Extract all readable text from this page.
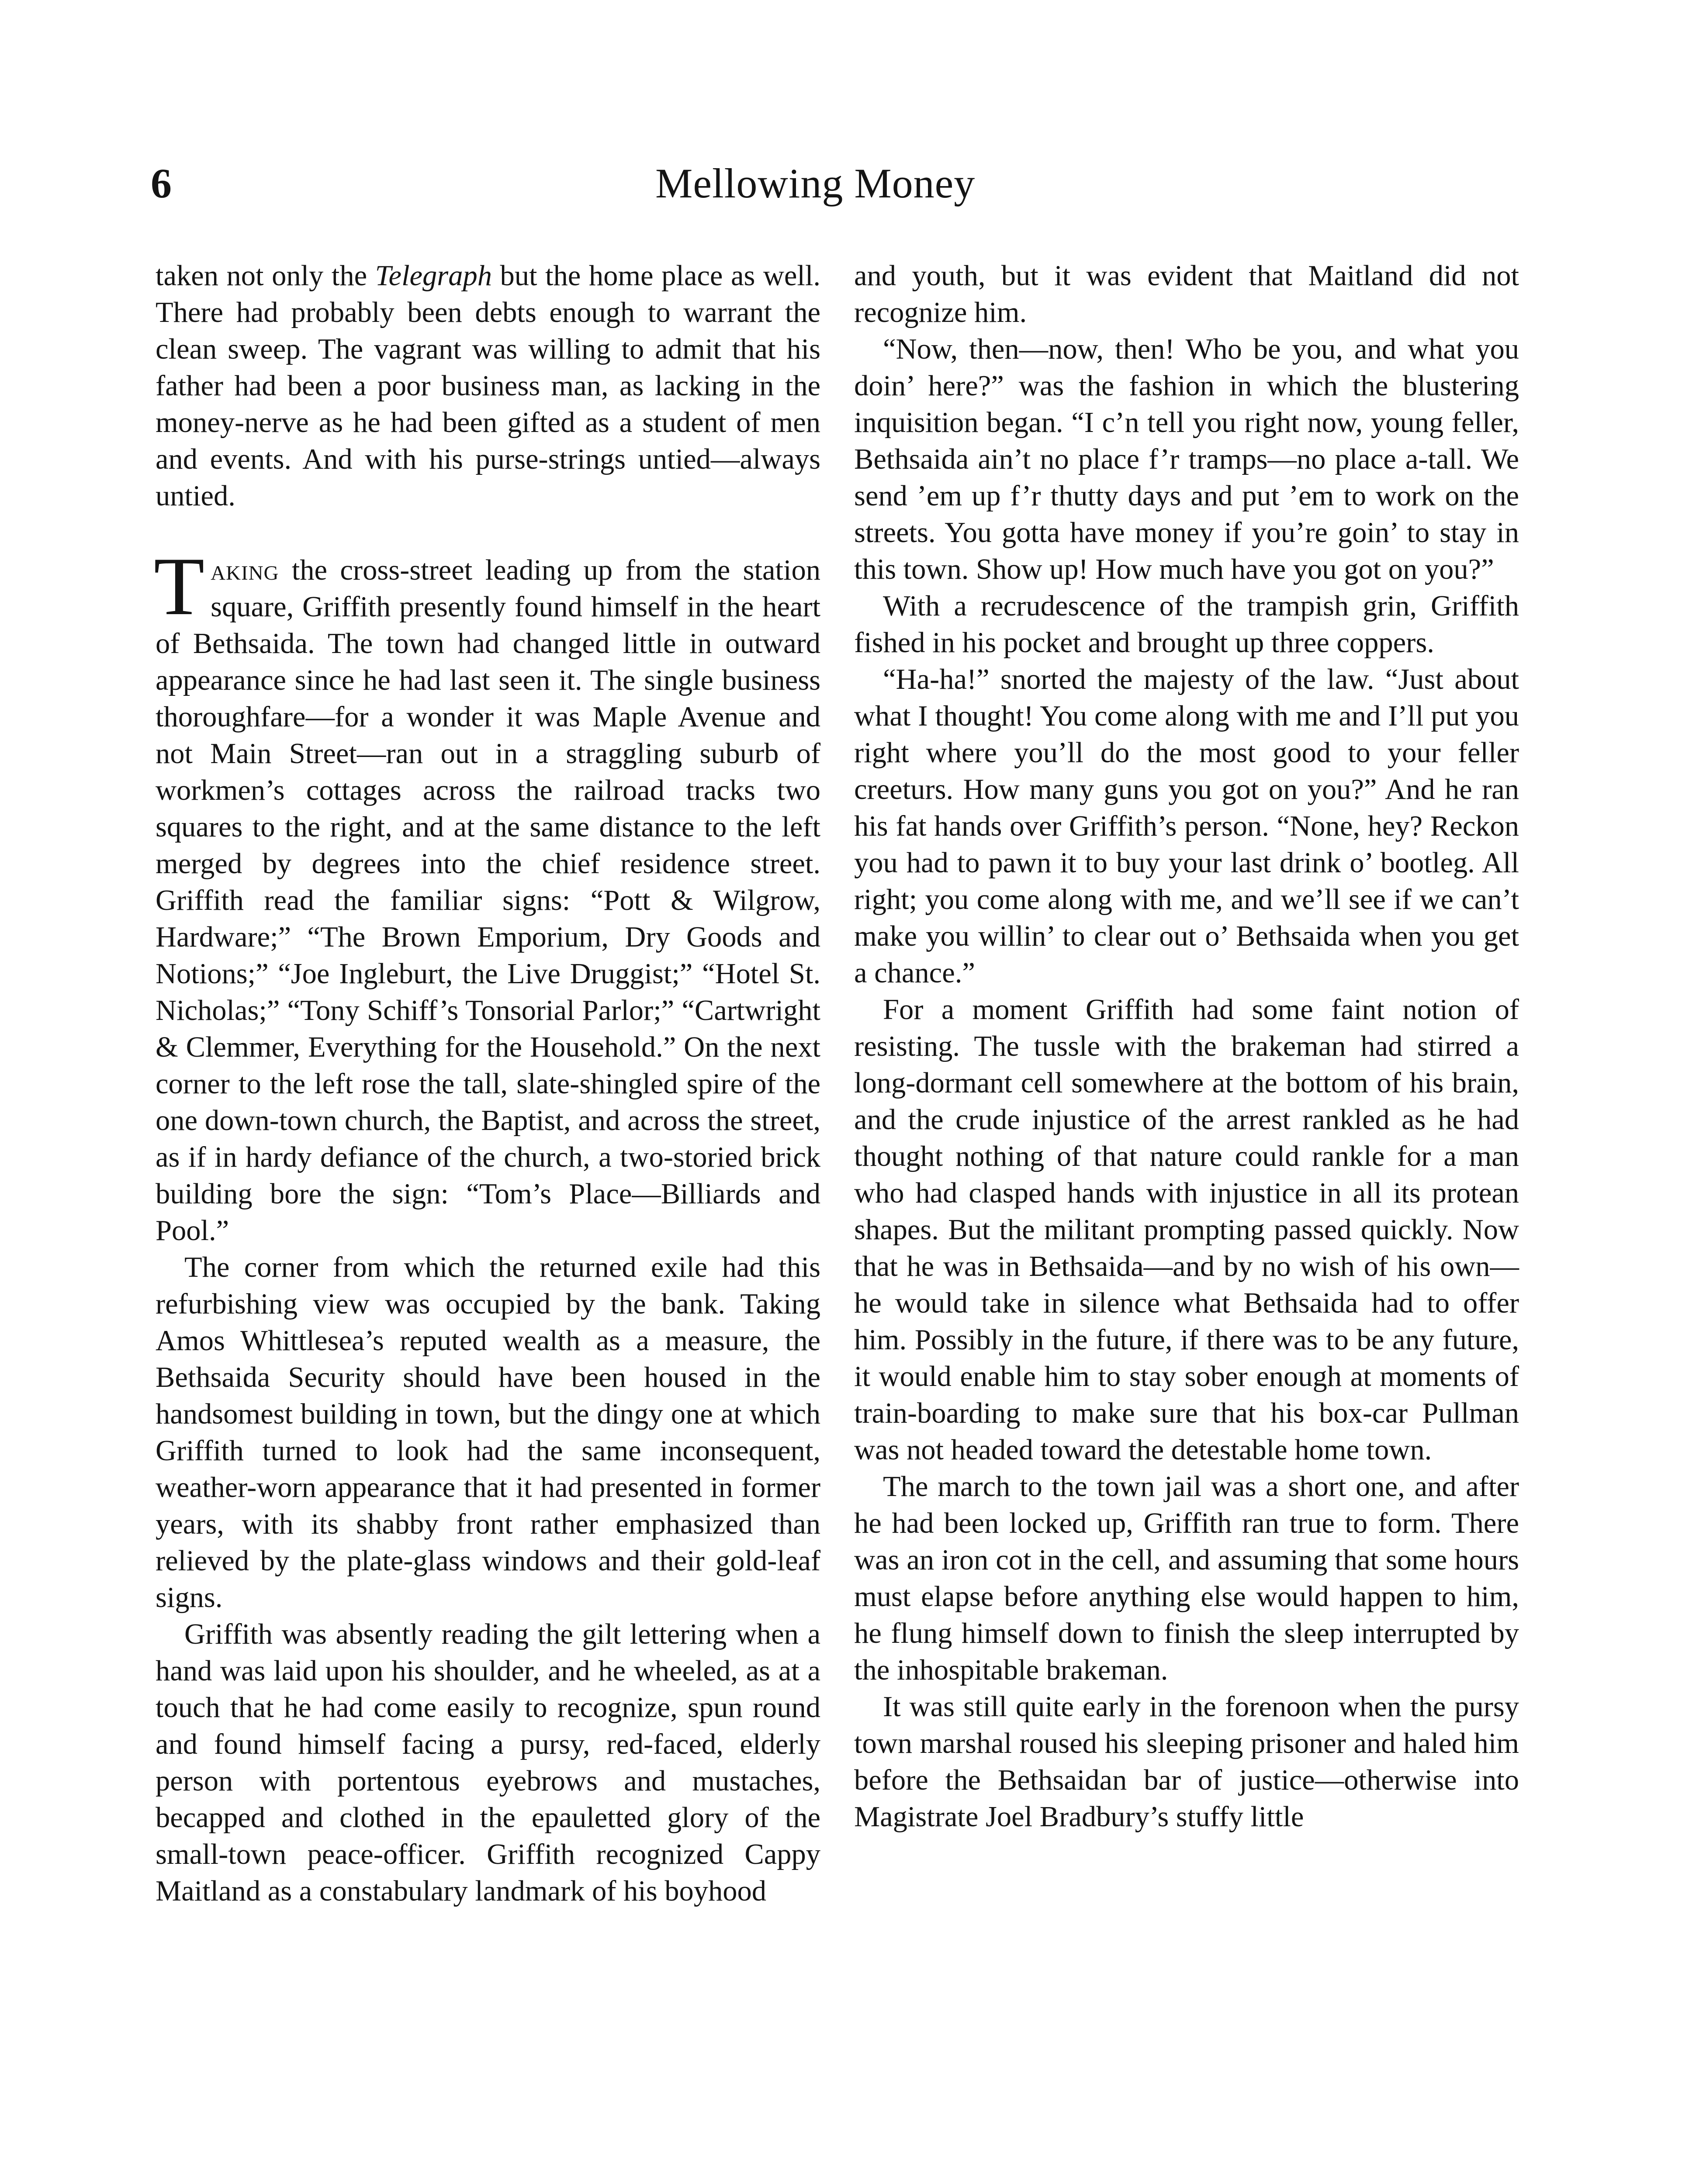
6	Mellowing Money

taken not only the Telegraph but the home place as well. There had probably been debts enough to warrant the clean sweep. The vagrant was willing to admit that his father had been a poor business man, as lacking in the money-nerve as he had been gifted as a student of men and events. And with his purse-strings untied—always untied.

Taking the cross-street leading up from the station square, Griffith presently found himself in the heart of Bethsaida. The town had changed little in outward appearance since he had last seen it. The single business thoroughfare—for a wonder it was Maple Avenue and not Main Street—ran out in a straggling suburb of workmen’s cottages across the railroad tracks two squares to the right, and at the same distance to the left merged by degrees into the chief residence street. Griffith read the familiar signs: “Pott & Wilgrow, Hardware;” “The Brown Emporium, Dry Goods and Notions;” “Joe Ingleburt, the Live Druggist;” “Hotel St. Nicholas;” “Tony Schiff’s Tonsorial Parlor;” “Cartwright & Clemmer, Everything for the Household.” On the next corner to the left rose the tall, slate-shingled spire of the one down-town church, the Baptist, and across the street, as if in hardy defiance of the church, a two-storied brick building bore the sign: “Tom’s Place—Billiards and Pool.”

The corner from which the returned exile had this refurbishing view was occupied by the bank. Taking Amos Whittlesea’s reputed wealth as a measure, the Bethsaida Security should have been housed in the handsomest building in town, but the dingy one at which Griffith turned to look had the same inconsequent, weather-worn appearance that it had presented in former years, with its shabby front rather emphasized than relieved by the plate-glass windows and their gold-leaf signs.

Griffith was absently reading the gilt lettering when a hand was laid upon his shoulder, and he wheeled, as at a touch that he had come easily to recognize, spun round and found himself facing a pursy, red-faced, elderly person with portentous eyebrows and mustaches, becapped and clothed in the epauletted glory of the small-town peace-officer. Griffith recognized Cappy Maitland as a constabulary landmark of his boyhood

and youth, but it was evident that Maitland did not recognize him.

“Now, then—now, then! Who be you, and what you doin’ here?” was the fashion in which the blustering inquisition began. “I c’n tell you right now, young feller, Bethsaida ain’t no place f’r tramps—no place a-tall. We send ’em up f’r thutty days and put ’em to work on the streets. You gotta have money if you’re goin’ to stay in this town. Show up! How much have you got on you?”

With a recrudescence of the trampish grin, Griffith fished in his pocket and brought up three coppers.

“Ha-ha!” snorted the majesty of the law. “Just about what I thought! You come along with me and I’ll put you right where you’ll do the most good to your feller creeturs. How many guns you got on you?” And he ran his fat hands over Griffith’s person. “None, hey? Reckon you had to pawn it to buy your last drink o’ bootleg. All right; you come along with me, and we’ll see if we can’t make you willin’ to clear out o’ Bethsaida when you get a chance.”

For a moment Griffith had some faint notion of resisting. The tussle with the brakeman had stirred a long-dormant cell somewhere at the bottom of his brain, and the crude injustice of the arrest rankled as he had thought nothing of that nature could rankle for a man who had clasped hands with injustice in all its protean shapes. But the militant prompting passed quickly. Now that he was in Bethsaida—and by no wish of his own—he would take in silence what Bethsaida had to offer him. Possibly in the future, if there was to be any future, it would enable him to stay sober enough at moments of train-boarding to make sure that his box-car Pullman was not headed toward the detestable home town.

The march to the town jail was a short one, and after he had been locked up, Griffith ran true to form. There was an iron cot in the cell, and assuming that some hours must elapse before anything else would happen to him, he flung himself down to finish the sleep interrupted by the inhospitable brakeman.

It was still quite early in the forenoon when the pursy town marshal roused his sleeping prisoner and haled him before the Bethsaidan bar of justice—otherwise into Magistrate Joel Bradbury’s stuffy little
